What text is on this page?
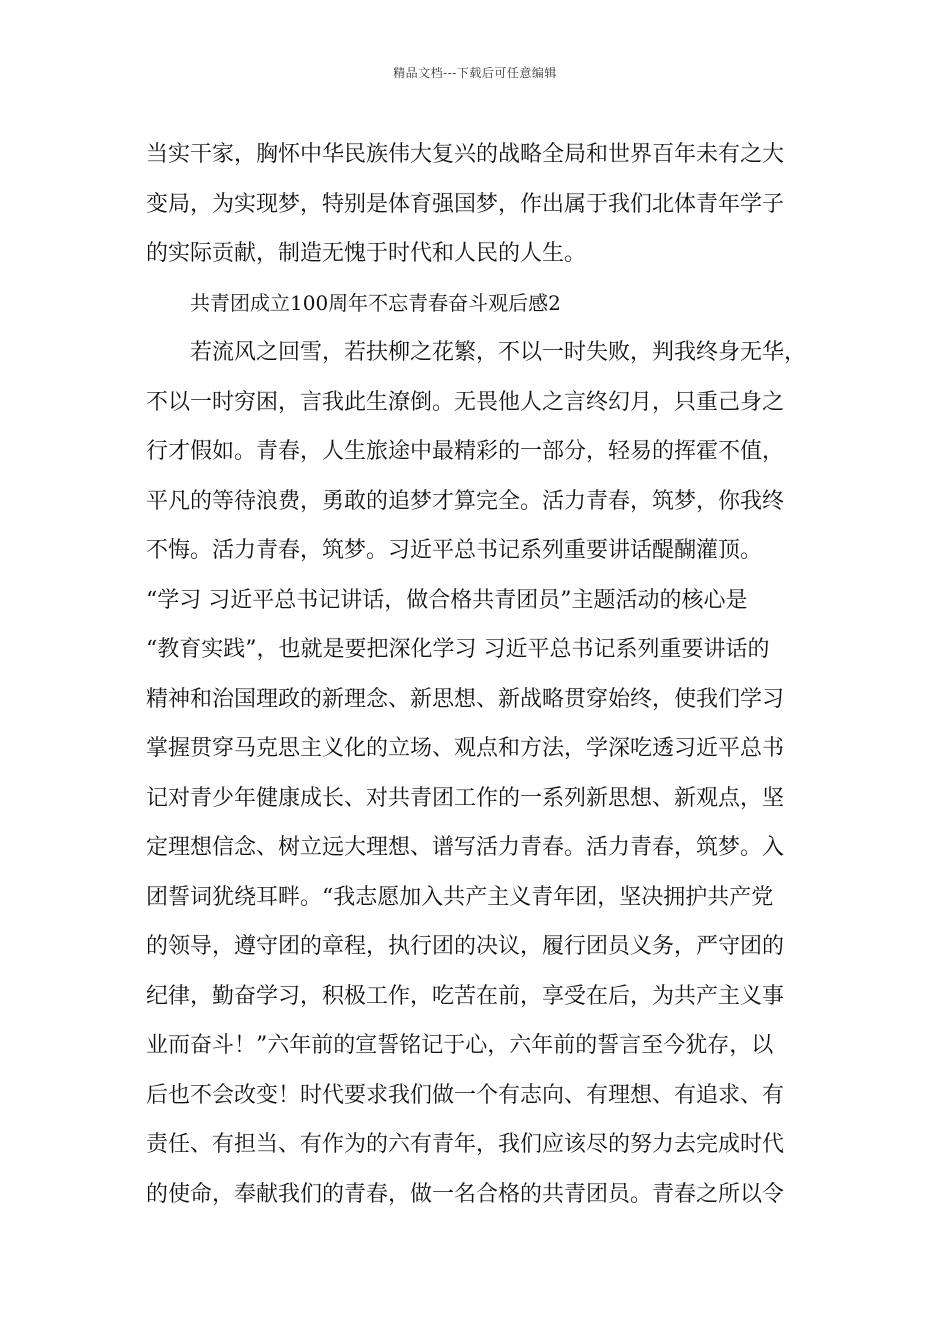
精品文档---下载后可任意编辑
当实干家，胸怀中华民族伟大复兴的战略全局和世界百年未有之大
变局，为实现梦，特别是体育强国梦，作出属于我们北体青年学子
的实际贡献，制造无愧于时代和人民的人生。
共青团成立100周年不忘青春奋斗观后感2
若流风之回雪，若扶柳之花繁，不以一时失败，判我终身无华，
不以一时穷困，言我此生潦倒。无畏他人之言终幻月，只重己身之
行才假如。青春，人生旅途中最精彩的一部分，轻易的挥霍不值，
平凡的等待浪费，勇敢的追梦才算完全。活力青春，筑梦，你我终
不悔。活力青春，筑梦。习近平总书记系列重要讲话醍醐灌顶。
“学习 习近平总书记讲话，做合格共青团员”主题活动的核心是
“教育实践”，也就是要把深化学习 习近平总书记系列重要讲话的
精神和治国理政的新理念、新思想、新战略贯穿始终，使我们学习
掌握贯穿马克思主义化的立场、观点和方法，学深吃透习近平总书
记对青少年健康成长、对共青团工作的一系列新思想、新观点，坚
定理想信念、树立远大理想、谱写活力青春。活力青春，筑梦。入
团誓词犹绕耳畔。“我志愿加入共产主义青年团，坚决拥护共产党
的领导，遵守团的章程，执行团的决议，履行团员义务，严守团的
纪律，勤奋学习，积极工作，吃苦在前，享受在后，为共产主义事
业而奋斗！”六年前的宣誓铭记于心，六年前的誓言至今犹存，以
后也不会改变！时代要求我们做一个有志向、有理想、有追求、有
责任、有担当、有作为的六有青年，我们应该尽的努力去完成时代
的使命，奉献我们的青春，做一名合格的共青团员。青春之所以令
